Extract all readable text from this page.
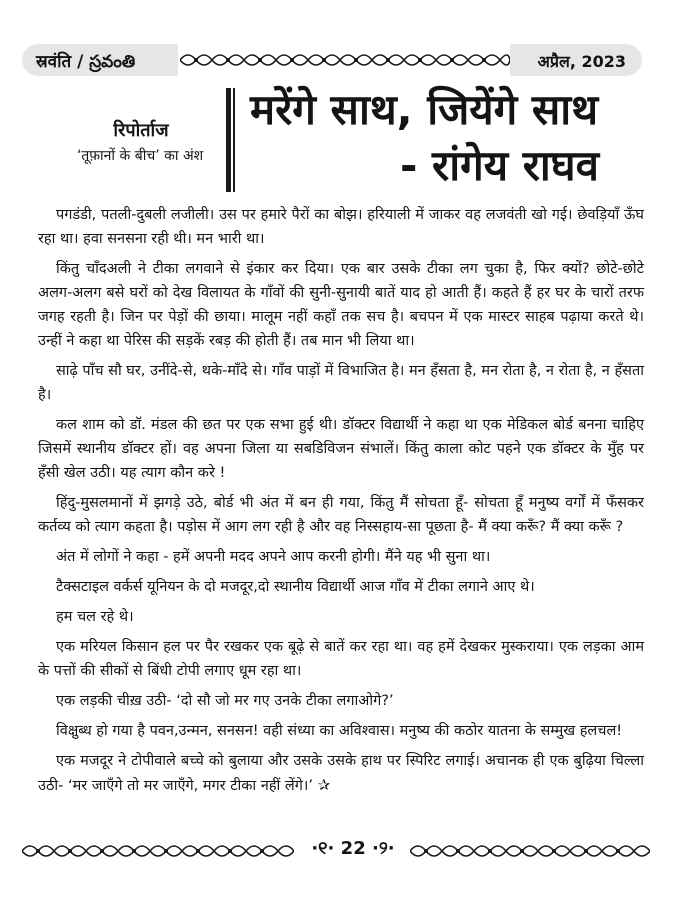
स्रवंति / స్రవంతి	अप्रैल, 2023
रिपोर्ताज
‘तूफ़ानों के बीच’ का अंश
मरेंगे साथ, जियेंगे साथ
- रांगेय राघव

पगडंडी, पतली-दुबली लजीली। उस पर हमारे पैरों का बोझ। हरियाली में जाकर वह लजवंती खो गई। छेवड़ियाँ ऊँघ रहा था। हवा सनसना रही थी। मन भारी था।

किंतु चाँदअली ने टीका लगवाने से इंकार कर दिया। एक बार उसके टीका लग चुका है, फिर क्यों? छोटे-छोटे अलग-अलग बसे घरों को देख विलायत के गाँवों की सुनी-सुनायी बातें याद हो आती हैं। कहते हैं हर घर के चारों तरफ जगह रहती है। जिन पर पेड़ों की छाया। मालूम नहीं कहाँ तक सच है। बचपन में एक मास्टर साहब पढ़ाया करते थे। उन्हीं ने कहा था पेरिस की सड़कें रबड़ की होती हैं। तब मान भी लिया था।

साढ़े पाँच सौ घर, उनींदे-से, थके-माँदे से। गाँव पाड़ों में विभाजित है। मन हँसता है, मन रोता है, न रोता है, न हँसता है।

कल शाम को डॉ. मंडल की छत पर एक सभा हुई थी। डॉक्टर विद्यार्थी ने कहा था एक मेडिकल बोर्ड बनना चाहिए जिसमें स्थानीय डॉक्टर हों। वह अपना जिला या सबडिविजन संभालें। किंतु काला कोट पहने एक डॉक्टर के मुँह पर हँसी खेल उठी। यह त्याग कौन करे !

हिंदु-मुसलमानों में झगड़े उठे, बोर्ड भी अंत में बन ही गया, किंतु मैं सोचता हूँ- सोचता हूँ मनुष्य वर्गों में फँसकर कर्तव्य को त्याग कहता है। पड़ोस में आग लग रही है और वह निस्सहाय-सा पूछता है- मैं क्या करूँ? मैं क्या करूँ ?

अंत में लोगों ने कहा - हमें अपनी मदद अपने आप करनी होगी। मैंने यह भी सुना था।

टैक्सटाइल वर्कर्स यूनियन के दो मजदूर,दो स्थानीय विद्यार्थी आज गाँव में टीका लगाने आए थे।

हम चल रहे थे।

एक मरियल किसान हल पर पैर रखकर एक बूढ़े से बातें कर रहा था। वह हमें देखकर मुस्कराया। एक लड़का आम के पत्तों की सीकों से बिंधी टोपी लगाए धूम रहा था।

एक लड़की चीख़ उठी- ‘दो सौ जो मर गए उनके टीका लगाओगे?’

विक्षुब्ध हो गया है पवन,उन्मन, सनसन! वही संध्या का अविश्वास। मनुष्य की कठोर यातना के सम्मुख हलचल!

एक मजदूर ने टोपीवाले बच्चे को बुलाया और उसके उसके हाथ पर स्पिरिट लगाई। अचानक ही एक बुढ़िया चिल्ला उठी- ‘मर जाएँगे तो मर जाएँगे, मगर टीका नहीं लेंगे।’ ✰

·୧· 22 ·୨·
